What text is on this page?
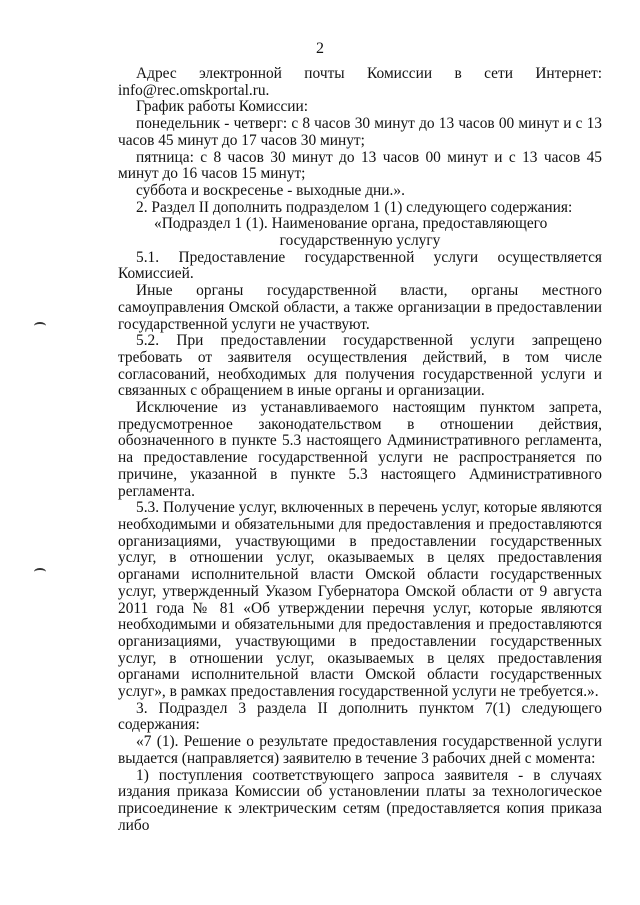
2

Адрес электронной почты Комиссии в сети Интернет: info@rec.omskportal.ru.

График работы Комиссии:

понедельник - четверг: с 8 часов 30 минут до 13 часов 00 минут и с 13 часов 45 минут до 17 часов 30 минут;

пятница: с 8 часов 30 минут до 13 часов 00 минут и с 13 часов 45 минут до 16 часов 15 минут;

суббота и воскресенье - выходные дни.».

2. Раздел II дополнить подразделом 1 (1) следующего содержания:

«Подраздел 1 (1). Наименование органа, предоставляющего

государственную услугу

5.1. Предоставление государственной услуги осуществляется Комиссией.

Иные органы государственной власти, органы местного самоуправления Омской области, а также организации в предоставлении государственной услуги не участвуют.

5.2. При предоставлении государственной услуги запрещено требовать от заявителя осуществления действий, в том числе согласований, необходимых для получения государственной услуги и связанных с обращением в иные органы и организации.

Исключение из устанавливаемого настоящим пунктом запрета, предусмотренное законодательством в отношении действия, обозначенного в пункте 5.3 настоящего Административного регламента, на предоставление государственной услуги не распространяется по причине, указанной в пункте 5.3 настоящего Административного регламента.

5.3. Получение услуг, включенных в перечень услуг, которые являются необходимыми и обязательными для предоставления и предоставляются организациями, участвующими в предоставлении государственных услуг, в отношении услуг, оказываемых в целях предоставления органами исполнительной власти Омской области государственных услуг, утвержденный Указом Губернатора Омской области от 9 августа 2011 года № 81 «Об утверждении перечня услуг, которые являются необходимыми и обязательными для предоставления и предоставляются организациями, участвующими в предоставлении государственных услуг, в отношении услуг, оказываемых в целях предоставления органами исполнительной власти Омской области государственных услуг», в рамках предоставления государственной услуги не требуется.».

3. Подраздел 3 раздела II дополнить пунктом 7(1) следующего содержания:

«7 (1). Решение о результате предоставления государственной услуги выдается (направляется) заявителю в течение 3 рабочих дней с момента:

1) поступления соответствующего запроса заявителя - в случаях издания приказа Комиссии об установлении платы за технологическое присоединение к электрическим сетям (предоставляется копия приказа либо
